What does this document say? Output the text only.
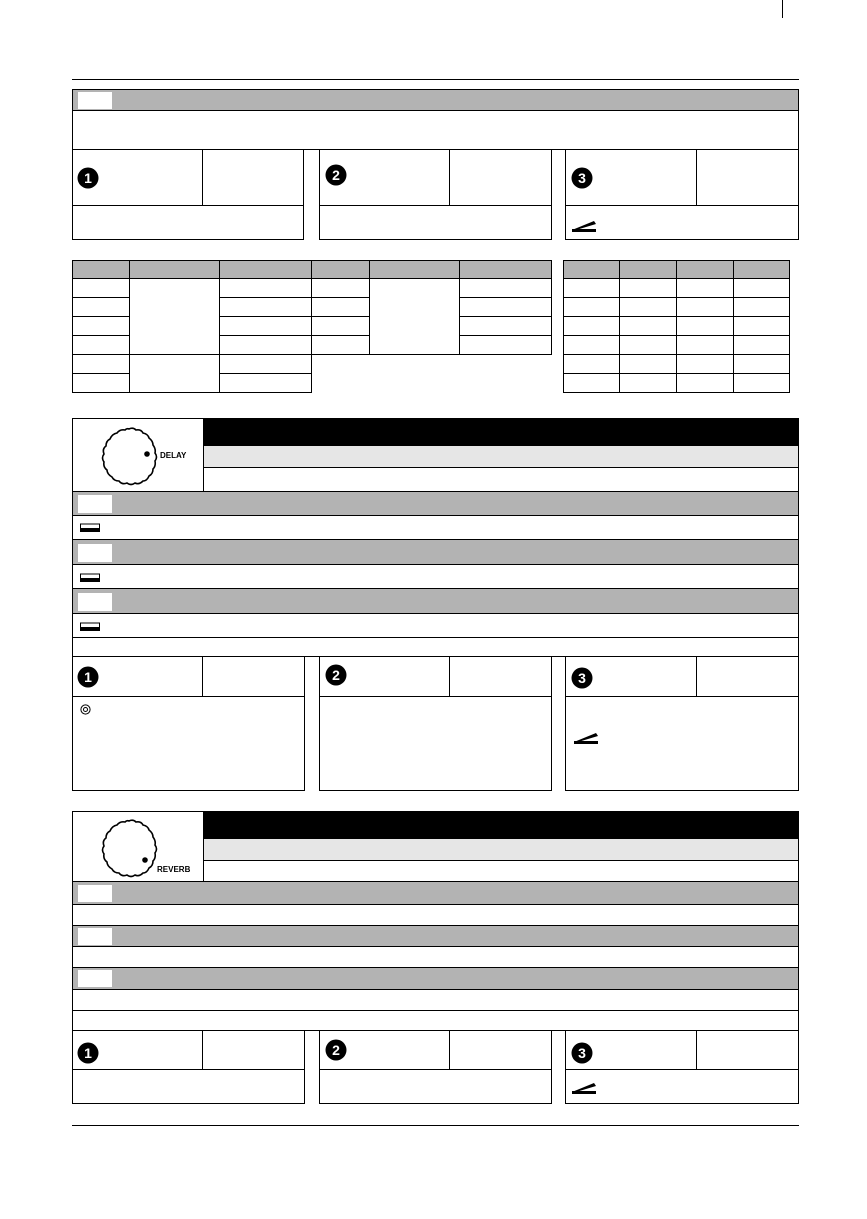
1	2	3

DELAY
1	2	3
REVERB
1	2	3
